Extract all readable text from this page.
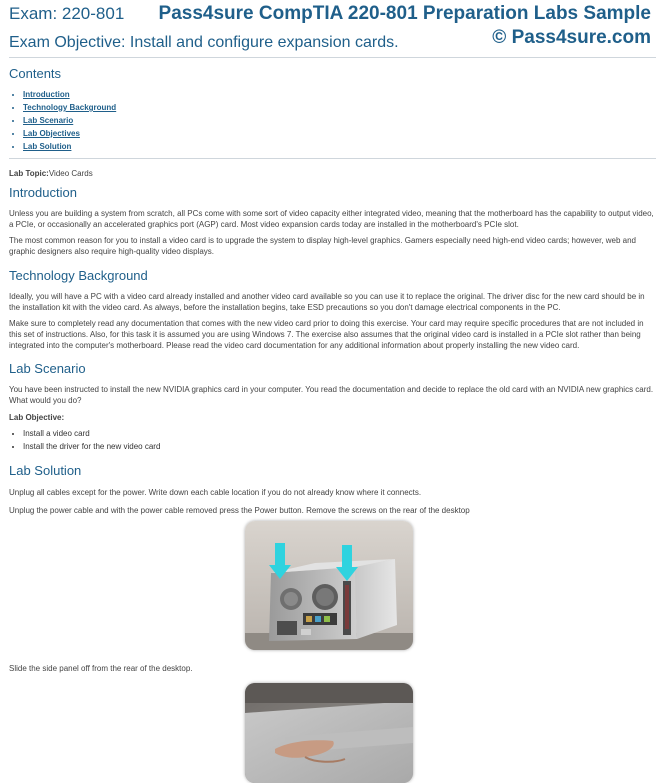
Exam: 220-801 Pass4sure CompTIA 220-801 Preparation Labs Sample
© Pass4sure.com
Exam Objective: Install and configure expansion cards.
Contents
• Introduction
• Technology Background
• Lab Scenario
• Lab Objectives
• Lab Solution

Lab Topic:Video Cards

Introduction

Unless you are building a system from scratch, all PCs come with some sort of video capacity either integrated video, meaning that the motherboard has the capability to output video, a PCIe, or occasionally an accelerated graphics port (AGP) card. Most video expansion cards today are installed in the motherboard's PCIe slot.

The most common reason for you to install a video card is to upgrade the system to display high-level graphics. Gamers especially need high-end video cards; however, web and graphic designers also require high-quality video displays.

Technology Background

Ideally, you will have a PC with a video card already installed and another video card available so you can use it to replace the original. The driver disc for the new card should be in the installation kit with the video card. As always, before the installation begins, take ESD precautions so you don't damage electrical components in the PC.

Make sure to completely read any documentation that comes with the new video card prior to doing this exercise. Your card may require specific procedures that are not included in this set of instructions. Also, for this task it is assumed you are using Windows 7. The exercise also assumes that the original video card is installed in a PCIe slot rather than being integrated into the computer's motherboard. Please read the video card documentation for any additional information about properly installing the new video card.

Lab Scenario

You have been instructed to install the new NVIDIA graphics card in your computer. You read the documentation and decide to replace the old card with an NVIDIA new graphics card. What would you do?

Lab Objective:

• Install a video card
• Install the driver for the new video card
Lab Solution

Unplug all cables except for the power. Write down each cable location if you do not already know where it connects.

Unplug the power cable and with the power cable removed press the Power button. Remove the screws on the rear of the desktop

Slide the side panel off from the rear of the desktop.
